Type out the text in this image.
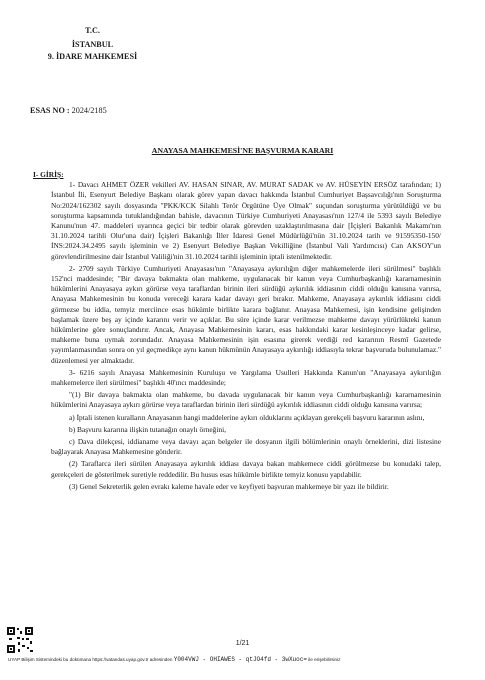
T.C.
İSTANBUL
9. İDARE MAHKEMESİ
ESAS NO : 2024/2185
ANAYASA MAHKEMESİ'NE BAŞVURMA KARARI
I- GİRİŞ:

1- Davacı AHMET ÖZER vekilleri AV. HASAN SINAR, AV. MURAT SADAK ve AV. HÜSEYİN ERSÖZ tarafından; 1) İstanbul İli, Esenyurt Belediye Başkanı olarak görev yapan davacı hakkında İstanbul Cumhuriyet Başsavcılığı'nın Soruşturma No:2024/162302 sayılı dosyasında "PKK/KCK Silahlı Terör Örgütüne Üye Olmak" suçundan soruşturma yürütüldüğü ve bu soruşturma kapsamında tutuklandığından bahisle, davacının Türkiye Cumhuriyeti Anayasası'nın 127/4 ile 5393 sayılı Belediye Kanunu'nun 47. maddeleri uyarınca geçici bir tedbir olarak görevden uzaklaştırılmasına dair [İçişleri Bakanlık Makamı'nın 31.10.2024 tarihli Olur'una dair) İçişleri Bakanlığı İller İdaresi Genel Müdürlüğü'nün 31.10.2024 tarih ve 91595350-150/İNS:2024.34.2495 sayılı işleminin ve 2) Esenyurt Belediye Başkan Vekilliğine (İstanbul Vali Yardımcısı) Can AKSOY'un görevlendirilmesine dair İstanbul Valiliği'nin 31.10.2024 tarihli işleminin iptali istenilmektedir.

2- 2709 sayılı Türkiye Cumhuriyeti Anayasası'nın "Anayasaya aykırılığın diğer mahkemelerde ileri sürülmesi" başlıklı 152'nci maddesinde; "Bir davaya bakmakta olan mahkeme, uygulanacak bir kanun veya Cumhurbaşkanlığı kararnamesinin hükümlerini Anayasaya aykırı görürse veya taraflardan birinin ileri sürdüğü aykırılık iddiasının ciddi olduğu kanısına varırsa, Anayasa Mahkemesinin bu konuda vereceği karara kadar davayı geri bırakır. Mahkeme, Anayasaya aykırılık iddiasını ciddi görmezse bu iddia, temyiz merciince esas hükümle birlikte karara bağlanır. Anayasa Mahkemesi, işin kendisine gelişinden başlamak üzere beş ay içinde kararını verir ve açıklar. Bu süre içinde karar verilmezse mahkeme davayı yürürlükteki kanun hükümlerine göre sonuçlandırır. Ancak, Anayasa Mahkemesinin kararı, esas hakkındaki karar kesinleşinceye kadar gelirse, mahkeme buna uymak zorundadır. Anayasa Mahkemesinin işin esasına girerek verdiği red kararının Resmî Gazetede yayımlanmasından sonra on yıl geçmedikçe aynı kanun hükmünün Anayasaya aykırılığı iddiasıyla tekrar başvuruda bulunulamaz." düzenlemesi yer almaktadır.

3- 6216 sayılı Anayasa Mahkemesinin Kuruluşu ve Yargılama Usulleri Hakkında Kanun'un "Anayasaya aykırılığın mahkemelerce ileri sürülmesi" başlıklı 40'ıncı maddesinde;

"(1) Bir davaya bakmakta olan mahkeme, bu davada uygulanacak bir kanun veya Cumhurbaşkanlığı kararnamesinin hükümlerini Anayasaya aykırı görürse veya taraflardan birinin ileri sürdüğü aykırılık iddiasının ciddi olduğu kanısına varırsa;

a) İptali istenen kuralların Anayasanın hangi maddelerine aykırı olduklarını açıklayan gerekçeli başvuru kararının aslını,

b) Başvuru kararına ilişkin tutanağın onaylı örneğini,

c) Dava dilekçesi, iddianame veya davayı açan belgeler ile dosyanın ilgili bölümlerinin onaylı örneklerini, dizi listesine bağlayarak Anayasa Mahkemesine gönderir.

(2) Taraflarca ileri sürülen Anayasaya aykırılık iddiası davaya bakan mahkemece ciddi görülmezse bu konudaki talep, gerekçeleri de gösterilmek suretiyle reddedilir. Bu husus esas hükümle birlikte temyiz konusu yapılabilir.

(3) Genel Sekreterlik gelen evrakı kaleme havale eder ve keyfiyeti başvuran mahkemeye bir yazı ile bildirir.

1/21
UYAP Bilişim Sistemindeki bu dokümana https://vatandas.uyap.gov.tr adresinden Y004VWJ - OHIAWES - qtJO4fd - 3wXuoc= ile erişebilirsiniz
